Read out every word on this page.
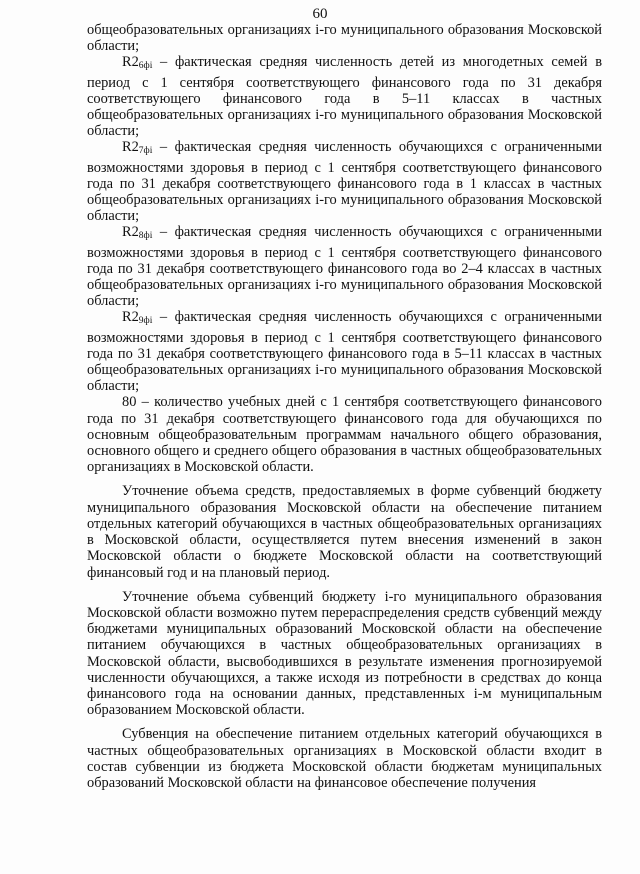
60

общеобразовательных организациях i-го муниципального образования Московской области;

$R2_{6фi}$ – фактическая средняя численность детей из многодетных семей в период с 1 сентября соответствующего финансового года по 31 декабря соответствующего финансового года в 5–11 классах в частных общеобразовательных организациях i-го муниципального образования Московской области;

$R2_{7фi}$ – фактическая средняя численность обучающихся с ограниченными возможностями здоровья в период с 1 сентября соответствующего финансового года по 31 декабря соответствующего финансового года в 1 классах в частных общеобразовательных организациях i-го муниципального образования Московской области;

$R2_{8фi}$ – фактическая средняя численность обучающихся с ограниченными возможностями здоровья в период с 1 сентября соответствующего финансового года по 31 декабря соответствующего финансового года во 2–4 классах в частных общеобразовательных организациях i-го муниципального образования Московской области;

$R2_{9фi}$ – фактическая средняя численность обучающихся с ограниченными возможностями здоровья в период с 1 сентября соответствующего финансового года по 31 декабря соответствующего финансового года в 5–11 классах в частных общеобразовательных организациях i-го муниципального образования Московской области;

80 – количество учебных дней с 1 сентября соответствующего финансового года по 31 декабря соответствующего финансового года для обучающихся по основным общеобразовательным программам начального общего образования, основного общего и среднего общего образования в частных общеобразовательных организациях в Московской области.

Уточнение объема средств, предоставляемых в форме субвенций бюджету муниципального образования Московской области на обеспечение питанием отдельных категорий обучающихся в частных общеобразовательных организациях в Московской области, осуществляется путем внесения изменений в закон Московской области о бюджете Московской области на соответствующий финансовый год и на плановый период.

Уточнение объема субвенций бюджету i-го муниципального образования Московской области возможно путем перераспределения средств субвенций между бюджетами муниципальных образований Московской области на обеспечение питанием обучающихся в частных общеобразовательных организациях в Московской области, высвободившихся в результате изменения прогнозируемой численности обучающихся, а также исходя из потребности в средствах до конца финансового года на основании данных, представленных i-м муниципальным образованием Московской области.

Субвенция на обеспечение питанием отдельных категорий обучающихся в частных общеобразовательных организациях в Московской области входит в состав субвенции из бюджета Московской области бюджетам муниципальных образований Московской области на финансовое обеспечение получения
